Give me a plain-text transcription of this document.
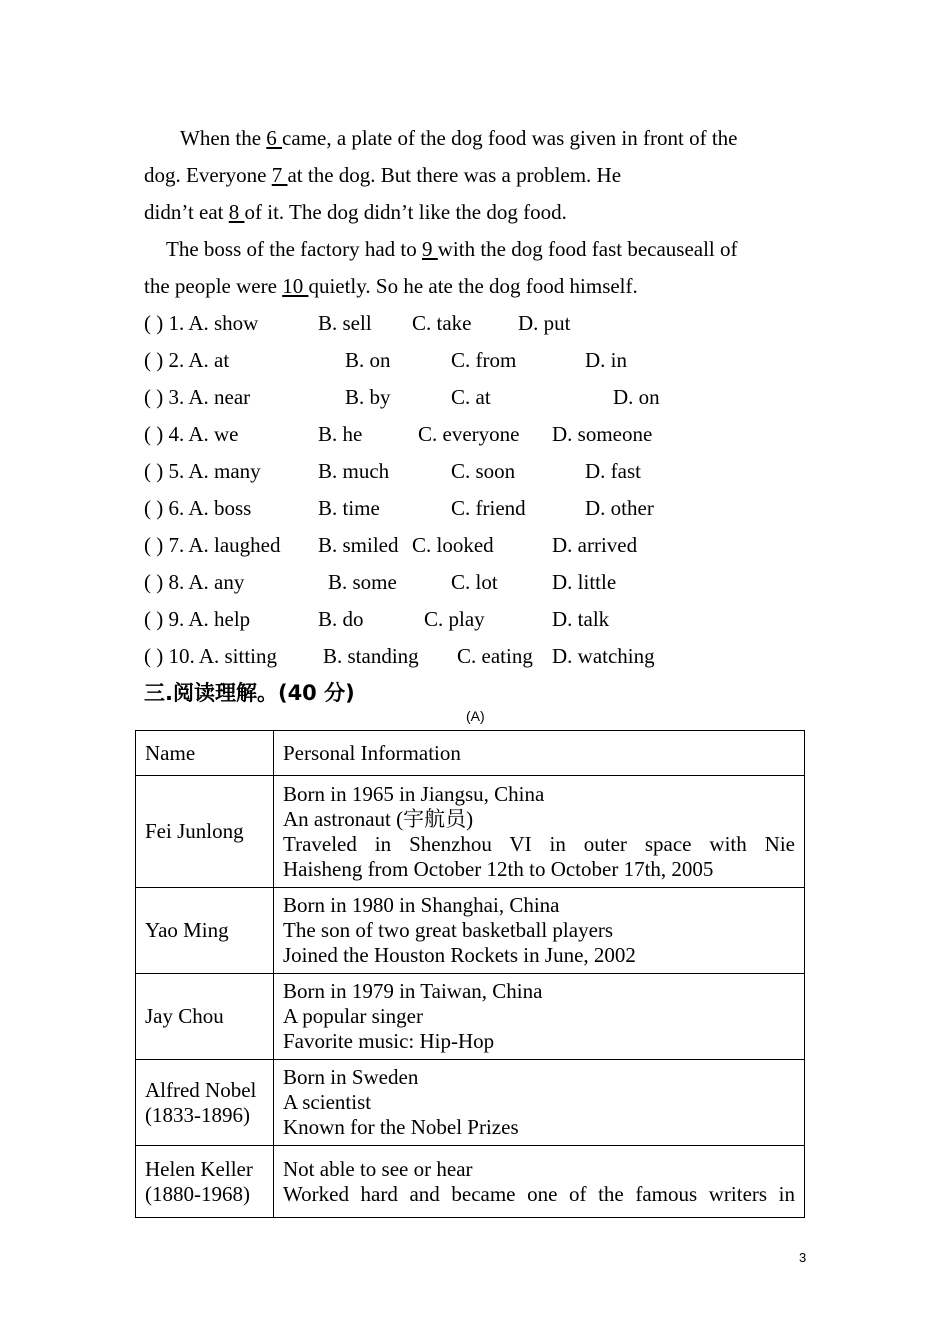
When the 6 came, a plate of the dog food was given in front of the
dog. Everyone 7 at the dog. But there was a problem. He
didn’t eat 8 of it. The dog didn’t like the dog food.
The boss of the factory had to 9 with the dog food fast becauseall of
the people were 10 quietly. So he ate the dog food himself.
( ) 1. A. show	B. sell C. take D. put
( ) 2. A. at	B. on	C. from	D. in
( ) 3. A. near	B. by	C. at	D. on
( ) 4. A. we	B. he	C. everyone D. someone
( ) 5. A. many	B. much	C. soon	D. fast
( ) 6. A. boss	B. time	C. friend	D. other
( ) 7. A. laughed B. smiled C. looked	D. arrived
( ) 8. A. any	B. some	C. lot	D. little
( ) 9. A. help	B. do	C. play	D. talk
( ) 10. A. sitting B. standing C. eating D. watching
三.阅读理解。(40 分)
(A)
Name	Personal Information
Fei Junlong	Born in 1965 in Jiangsu, China
An astronaut (宇航员)
Traveled in Shenzhou VI in outer space with Nie
Haisheng from October 12th to October 17th, 2005

Yao Ming	Born in 1980 in Shanghai, China
The son of two great basketball players
Joined the Houston Rockets in June, 2002

Jay Chou	Born in 1979 in Taiwan, China
A popular singer
Favorite music: Hip-Hop

Alfred Nobel
(1833-1896)	Born in Sweden
A scientist
Known for the Nobel Prizes

Helen Keller
(1880-1968)	Not able to see or hear
Worked hard and became one of the famous writers in
3
